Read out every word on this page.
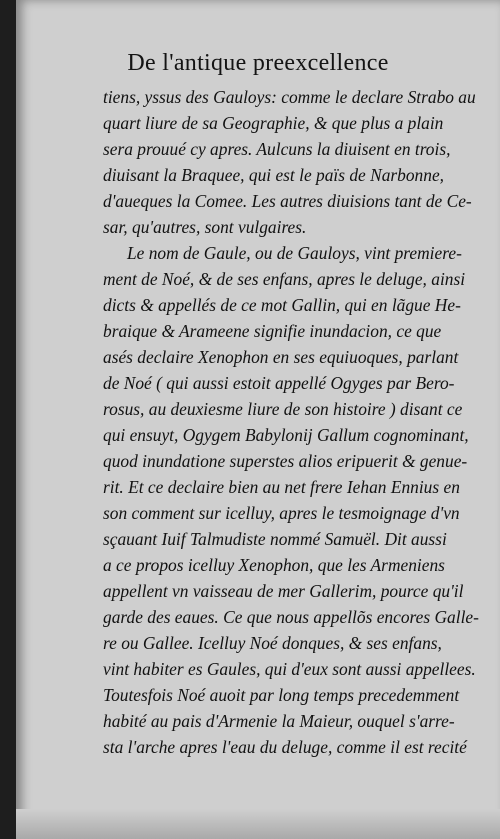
De l'antique preexcellence
tiens, yssus des Gauloys: comme le declare Strabo au
quart liure de sa Geographie, & que plus a plain
sera prouué cy apres. Aulcuns la diuisent en trois,
diuisant la Braquee, qui est le païs de Narbonne,
d'aueques la Comee. Les autres diuisions tant de Ce-
sar, qu'autres, sont vulgaires.
Le nom de Gaule, ou de Gauloys, vint premiere-
ment de Noé, & de ses enfans, apres le deluge, ainsi
dicts & appellés de ce mot Gallin, qui en lãgue He-
braique & Arameene signifie inundacion, ce que
asés declaire Xenophon en ses equiuoques, parlant
de Noé ( qui aussi estoit appellé Ogyges par Bero-
rosus, au deuxiesme liure de son histoire ) disant ce
qui ensuyt, Ogygem Babylonij Gallum cognominant,
quod inundatione superstes alios eripuerit & genue-
rit. Et ce declaire bien au net frere Iehan Ennius en
son comment sur icelluy, apres le tesmoignage d'vn
sçauant Iuif Talmudiste nommé Samuël. Dit aussi
a ce propos icelluy Xenophon, que les Armeniens
appellent vn vaisseau de mer Gallerim, pource qu'il
garde des eaues. Ce que nous appellõs encores Galle-
re ou Gallee. Icelluy Noé donques, & ses enfans,
vint habiter es Gaules, qui d'eux sont aussi appellees.
Toutesfois Noé auoit par long temps precedemment
habité au pais d'Armenie la Maieur, ouquel s'arre-
sta l'arche apres l'eau du deluge, comme il est recité
